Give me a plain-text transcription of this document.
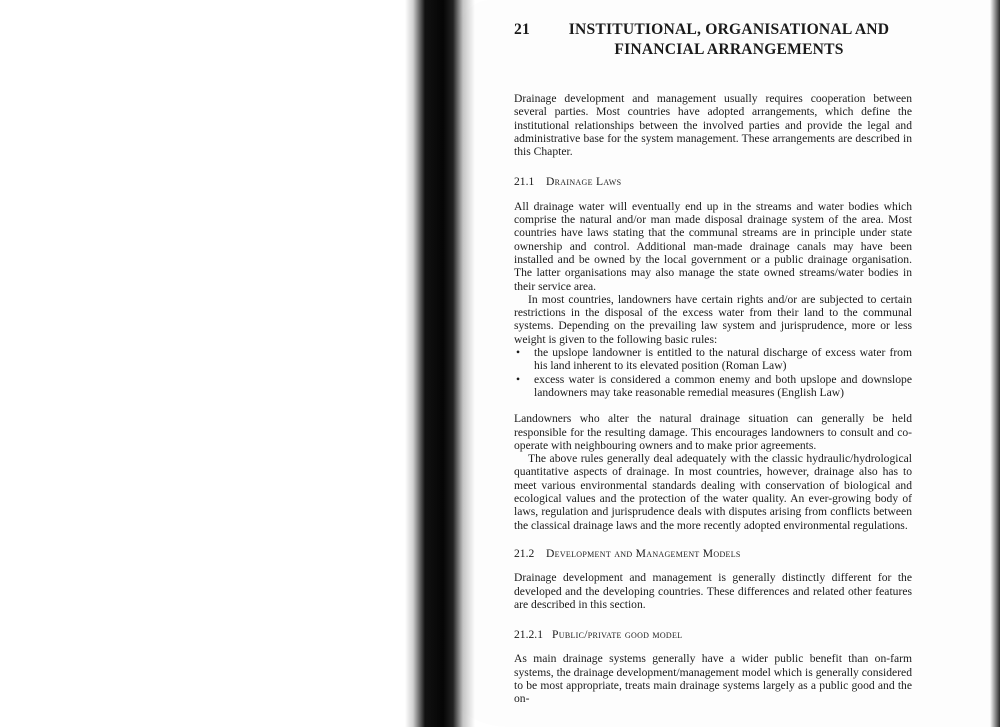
21	INSTITUTIONAL, ORGANISATIONAL AND
FINANCIAL ARRANGEMENTS

Drainage development and management usually requires cooperation between several parties. Most countries have adopted arrangements, which define the institutional relationships between the involved parties and provide the legal and administrative base for the system management. These arrangements are described in this Chapter.

21.1	Drainage Laws

All drainage water will eventually end up in the streams and water bodies which comprise the natural and/or man made disposal drainage system of the area. Most countries have laws stating that the communal streams are in principle under state ownership and control. Additional man-made drainage canals may have been installed and be owned by the local government or a public drainage organisation. The latter organisations may also manage the state owned streams/water bodies in their service area.

In most countries, landowners have certain rights and/or are subjected to certain restrictions in the disposal of the excess water from their land to the communal systems. Depending on the prevailing law system and jurisprudence, more or less weight is given to the following basic rules:

•	the upslope landowner is entitled to the natural discharge of excess water from his land inherent to its elevated position (Roman Law)
•	excess water is considered a common enemy and both upslope and downslope landowners may take reasonable remedial measures (English Law)

Landowners who alter the natural drainage situation can generally be held responsible for the resulting damage. This encourages landowners to consult and co-operate with neighbouring owners and to make prior agreements.

The above rules generally deal adequately with the classic hydraulic/hydrological quantitative aspects of drainage. In most countries, however, drainage also has to meet various environmental standards dealing with conservation of biological and ecological values and the protection of the water quality. An ever-growing body of laws, regulation and jurisprudence deals with disputes arising from conflicts between the classical drainage laws and the more recently adopted environmental regulations.

21.2	Development and Management Models

Drainage development and management is generally distinctly different for the developed and the developing countries. These differences and related other features are described in this section.

21.2.1 Public/private good model

As main drainage systems generally have a wider public benefit than on-farm systems, the drainage development/management model which is generally considered to be most appropriate, treats main drainage systems largely as a public good and the on-
